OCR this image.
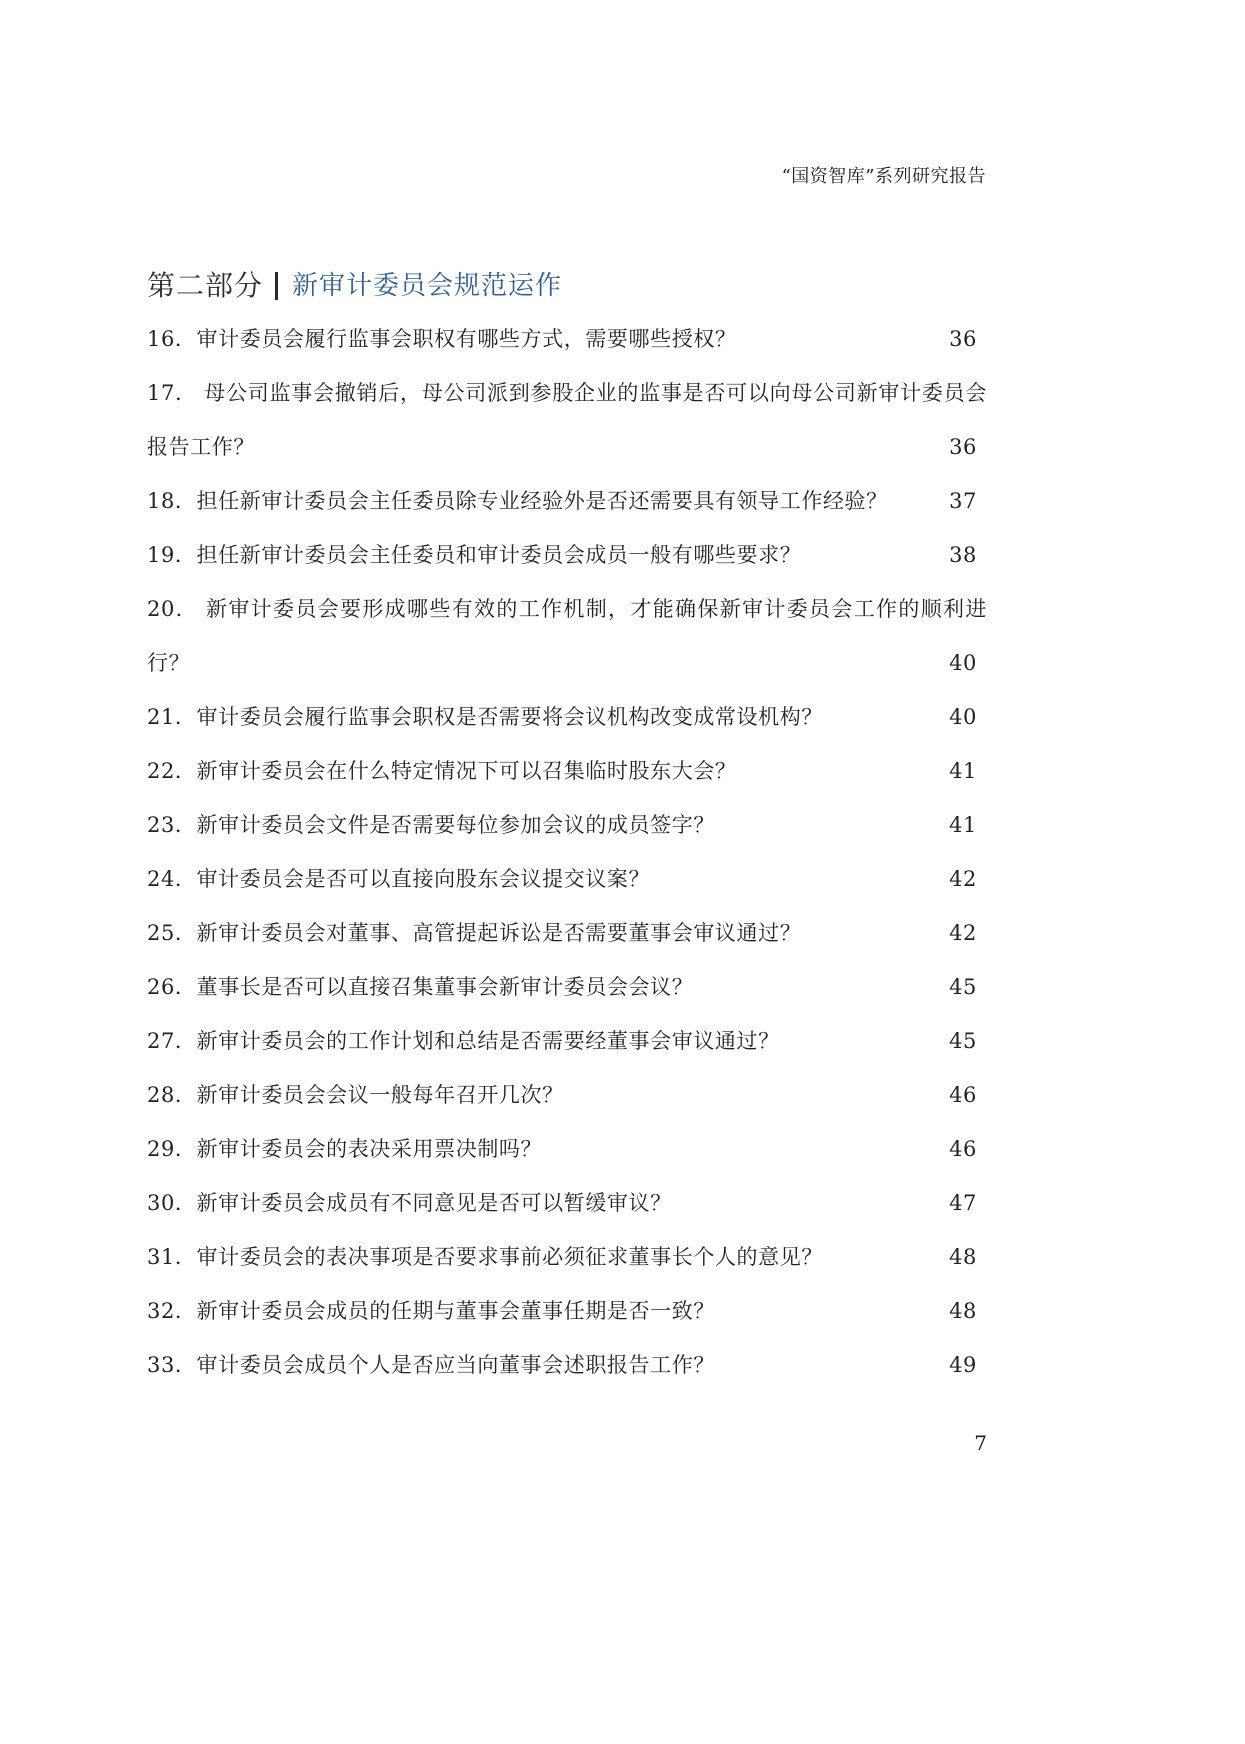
“国资智库”系列研究报告
第二部分 新审计委员会规范运作
16．审计委员会履行监事会职权有哪些方式，需要哪些授权？	36
17． 母公司监事会撤销后，母公司派到参股企业的监事是否可以向母公司新审计委员会报告工作？	36
18．担任新审计委员会主任委员除专业经验外是否还需要具有领导工作经验？	37
19．担任新审计委员会主任委员和审计委员会成员一般有哪些要求？	38
20． 新审计委员会要形成哪些有效的工作机制，才能确保新审计委员会工作的顺利进行？	40
21．审计委员会履行监事会职权是否需要将会议机构改变成常设机构？	40
22．新审计委员会在什么特定情况下可以召集临时股东大会？	41
23．新审计委员会文件是否需要每位参加会议的成员签字？	41
24．审计委员会是否可以直接向股东会议提交议案？	42
25．新审计委员会对董事、高管提起诉讼是否需要董事会审议通过？	42
26．董事长是否可以直接召集董事会新审计委员会会议？	45
27．新审计委员会的工作计划和总结是否需要经董事会审议通过？	45
28．新审计委员会会议一般每年召开几次？	46
29．新审计委员会的表决采用票决制吗？	46
30．新审计委员会成员有不同意见是否可以暂缓审议？	47
31．审计委员会的表决事项是否要求事前必须征求董事长个人的意见？	48
32．新审计委员会成员的任期与董事会董事任期是否一致？	48
33．审计委员会成员个人是否应当向董事会述职报告工作？	49
7
